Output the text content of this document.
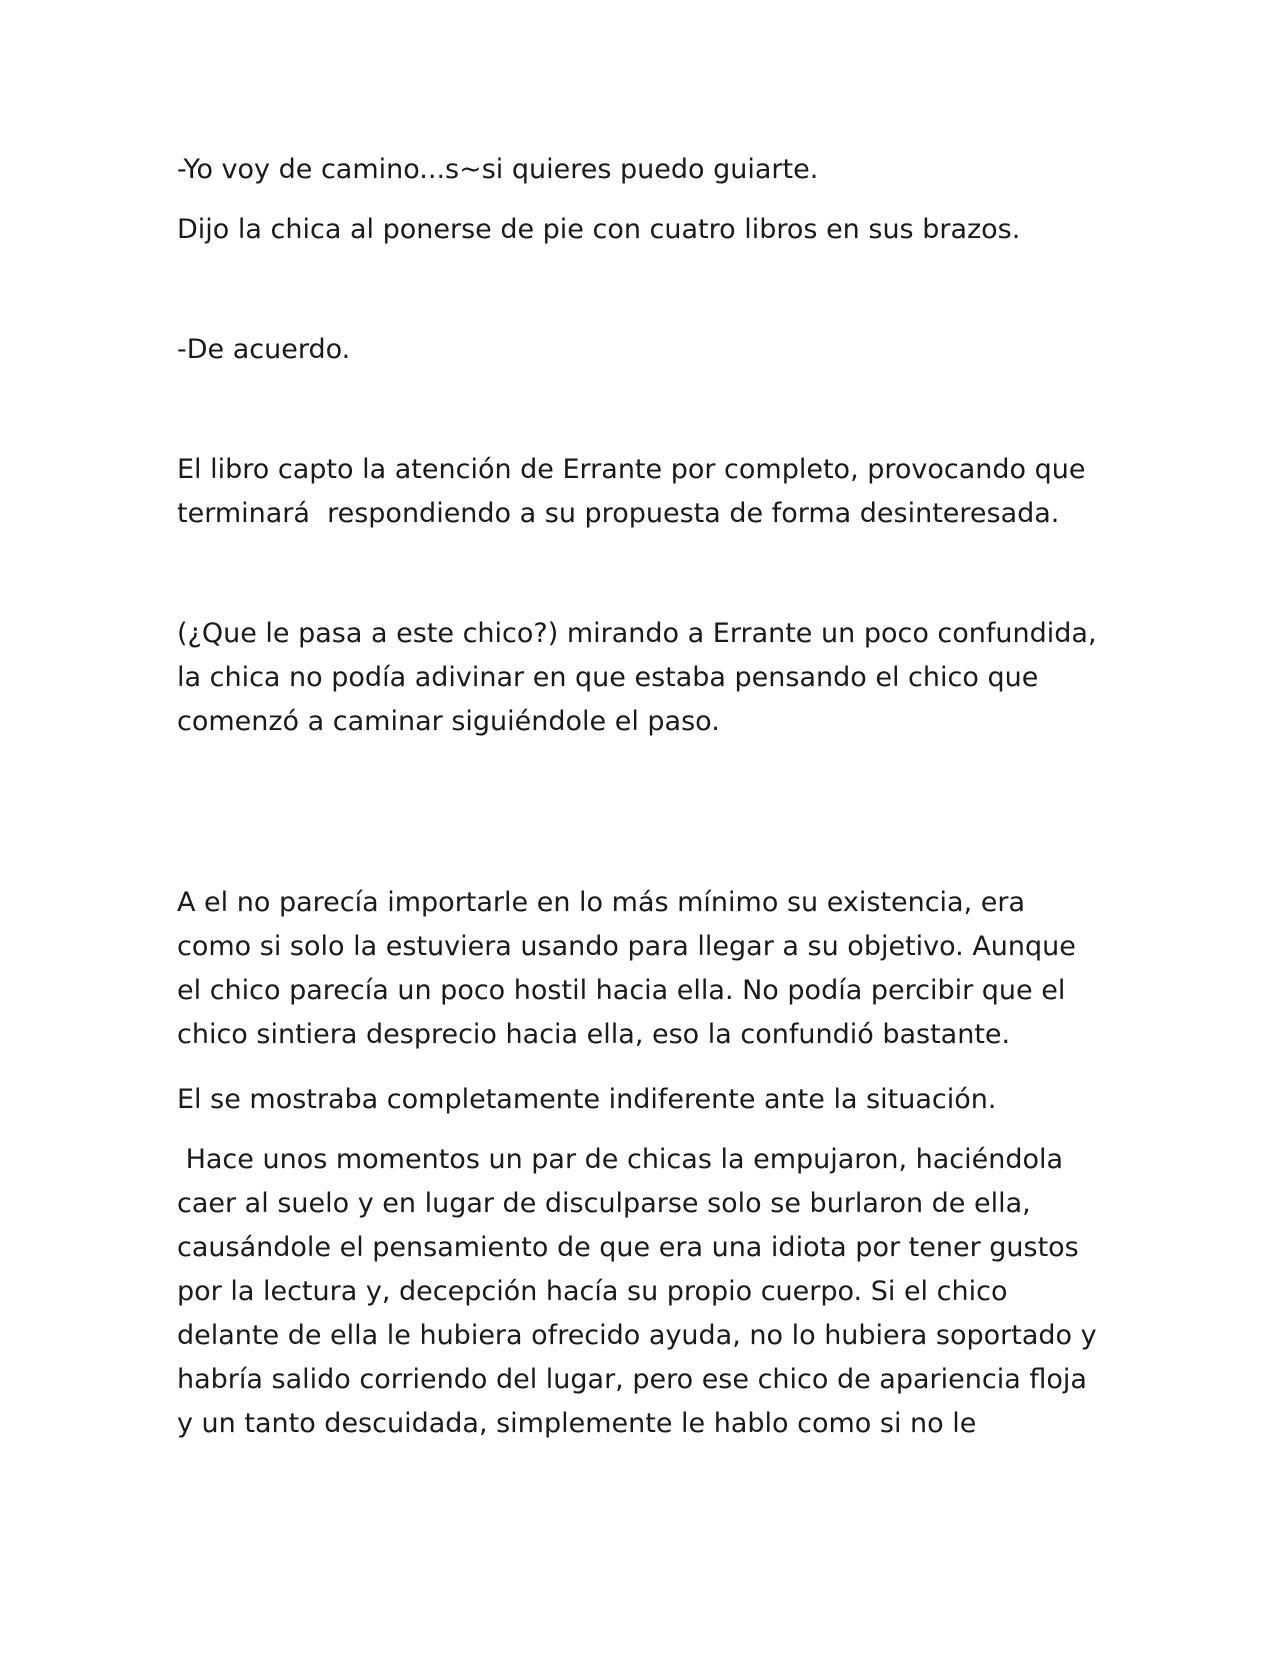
-Yo voy de camino...s~si quieres puedo guiarte.

Dijo la chica al ponerse de pie con cuatro libros en sus brazos.

-De acuerdo.

El libro capto la atención de Errante por completo, provocando que
terminará  respondiendo a su propuesta de forma desinteresada.

(¿Que le pasa a este chico?) mirando a Errante un poco confundida,
la chica no podía adivinar en que estaba pensando el chico que
comenzó a caminar siguiéndole el paso.

A el no parecía importarle en lo más mínimo su existencia, era
como si solo la estuviera usando para llegar a su objetivo. Aunque
el chico parecía un poco hostil hacia ella. No podía percibir que el
chico sintiera desprecio hacia ella, eso la confundió bastante.

El se mostraba completamente indiferente ante la situación.

Hace unos momentos un par de chicas la empujaron, haciéndola
caer al suelo y en lugar de disculparse solo se burlaron de ella,
causándole el pensamiento de que era una idiota por tener gustos
por la lectura y, decepción hacía su propio cuerpo. Si el chico
delante de ella le hubiera ofrecido ayuda, no lo hubiera soportado y
habría salido corriendo del lugar, pero ese chico de apariencia floja
y un tanto descuidada, simplemente le hablo como si no le
